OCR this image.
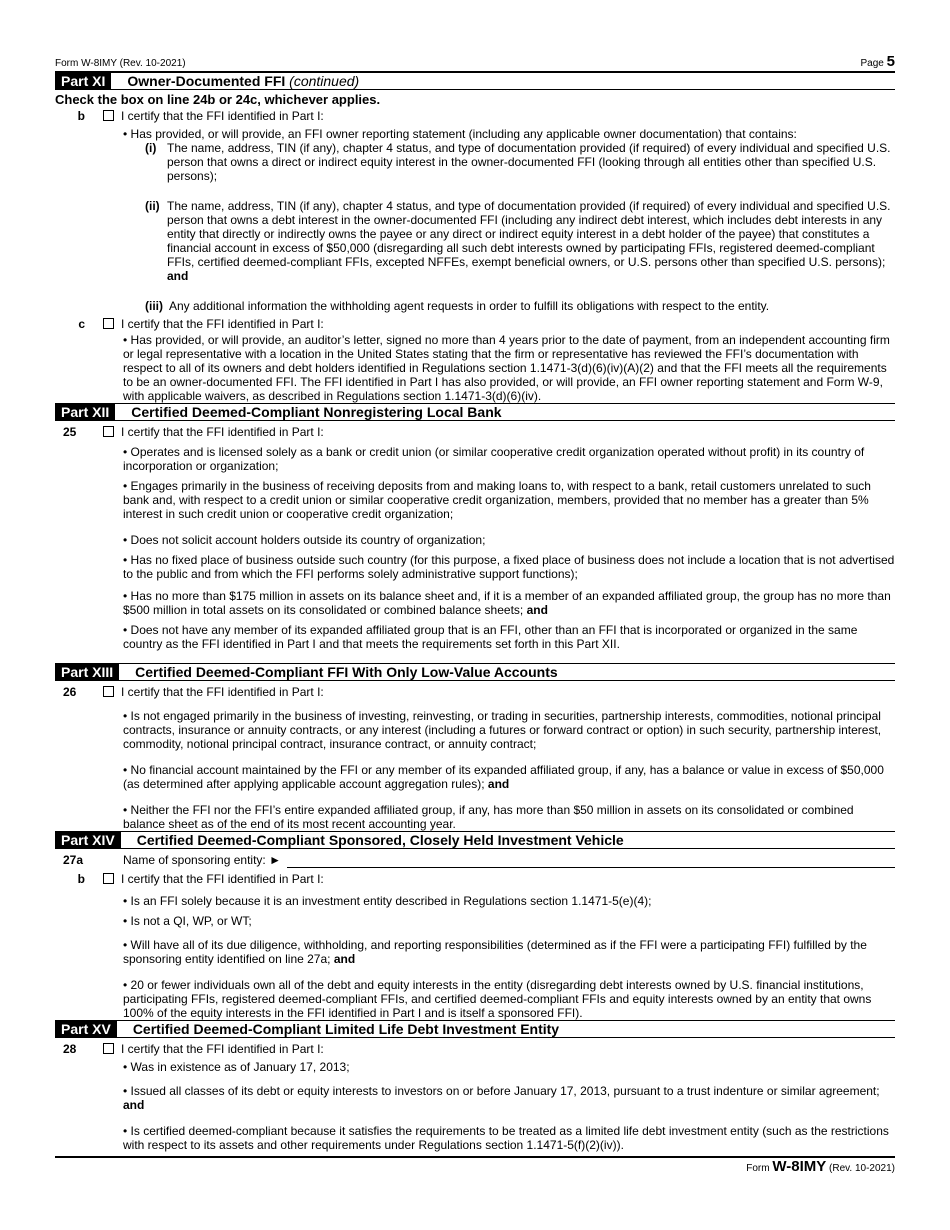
Form W-8IMY (Rev. 10-2021)	Page 5
Part XI	Owner-Documented FFI (continued)

Check the box on line 24b or 24c, whichever applies.

b	I certify that the FFI identified in Part I:

• Has provided, or will provide, an FFI owner reporting statement (including any applicable owner documentation) that contains:

(i) The name, address, TIN (if any), chapter 4 status, and type of documentation provided (if required) of every individual and specified U.S. person that owns a direct or indirect equity interest in the owner-documented FFI (looking through all entities other than specified U.S. persons);

(ii) The name, address, TIN (if any), chapter 4 status, and type of documentation provided (if required) of every individual and specified U.S. person that owns a debt interest in the owner-documented FFI (including any indirect debt interest, which includes debt interests in any entity that directly or indirectly owns the payee or any direct or indirect equity interest in a debt holder of the payee) that constitutes a financial account in excess of $50,000 (disregarding all such debt interests owned by participating FFIs, registered deemed-compliant FFIs, certified deemed-compliant FFIs, excepted NFFEs, exempt beneficial owners, or U.S. persons other than specified U.S. persons); and

(iii) Any additional information the withholding agent requests in order to fulfill its obligations with respect to the entity.

c	I certify that the FFI identified in Part I:

• Has provided, or will provide, an auditor’s letter, signed no more than 4 years prior to the date of payment, from an independent accounting firm or legal representative with a location in the United States stating that the firm or representative has reviewed the FFI’s documentation with respect to all of its owners and debt holders identified in Regulations section 1.1471-3(d)(6)(iv)(A)(2) and that the FFI meets all the requirements to be an owner-documented FFI. The FFI identified in Part I has also provided, or will provide, an FFI owner reporting statement and Form W-9, with applicable waivers, as described in Regulations section 1.1471-3(d)(6)(iv).

Part XII	Certified Deemed-Compliant Nonregistering Local Bank
25	I certify that the FFI identified in Part I:

• Operates and is licensed solely as a bank or credit union (or similar cooperative credit organization operated without profit) in its country of incorporation or organization;

• Engages primarily in the business of receiving deposits from and making loans to, with respect to a bank, retail customers unrelated to such bank and, with respect to a credit union or similar cooperative credit organization, members, provided that no member has a greater than 5% interest in such credit union or cooperative credit organization;

• Does not solicit account holders outside its country of organization;

• Has no fixed place of business outside such country (for this purpose, a fixed place of business does not include a location that is not advertised to the public and from which the FFI performs solely administrative support functions);

• Has no more than $175 million in assets on its balance sheet and, if it is a member of an expanded affiliated group, the group has no more than $500 million in total assets on its consolidated or combined balance sheets; and

• Does not have any member of its expanded affiliated group that is an FFI, other than an FFI that is incorporated or organized in the same country as the FFI identified in Part I and that meets the requirements set forth in this Part XII.

Part XIII	Certified Deemed-Compliant FFI With Only Low-Value Accounts
26	I certify that the FFI identified in Part I:

• Is not engaged primarily in the business of investing, reinvesting, or trading in securities, partnership interests, commodities, notional principal contracts, insurance or annuity contracts, or any interest (including a futures or forward contract or option) in such security, partnership interest, commodity, notional principal contract, insurance contract, or annuity contract;

• No financial account maintained by the FFI or any member of its expanded affiliated group, if any, has a balance or value in excess of $50,000 (as determined after applying applicable account aggregation rules); and

• Neither the FFI nor the FFI’s entire expanded affiliated group, if any, has more than $50 million in assets on its consolidated or combined balance sheet as of the end of its most recent accounting year.

Part XIV	Certified Deemed-Compliant Sponsored, Closely Held Investment Vehicle
27a	Name of sponsoring entity: ►
b	I certify that the FFI identified in Part I:

• Is an FFI solely because it is an investment entity described in Regulations section 1.1471-5(e)(4);

• Is not a QI, WP, or WT;

• Will have all of its due diligence, withholding, and reporting responsibilities (determined as if the FFI were a participating FFI) fulfilled by the sponsoring entity identified on line 27a; and

• 20 or fewer individuals own all of the debt and equity interests in the entity (disregarding debt interests owned by U.S. financial institutions, participating FFIs, registered deemed-compliant FFIs, and certified deemed-compliant FFIs and equity interests owned by an entity that owns 100% of the equity interests in the FFI identified in Part I and is itself a sponsored FFI).

Part XV	Certified Deemed-Compliant Limited Life Debt Investment Entity
28	I certify that the FFI identified in Part I:

• Was in existence as of January 17, 2013;

• Issued all classes of its debt or equity interests to investors on or before January 17, 2013, pursuant to a trust indenture or similar agreement; and

• Is certified deemed-compliant because it satisfies the requirements to be treated as a limited life debt investment entity (such as the restrictions with respect to its assets and other requirements under Regulations section 1.1471-5(f)(2)(iv)).

Form W-8IMY (Rev. 10-2021)
